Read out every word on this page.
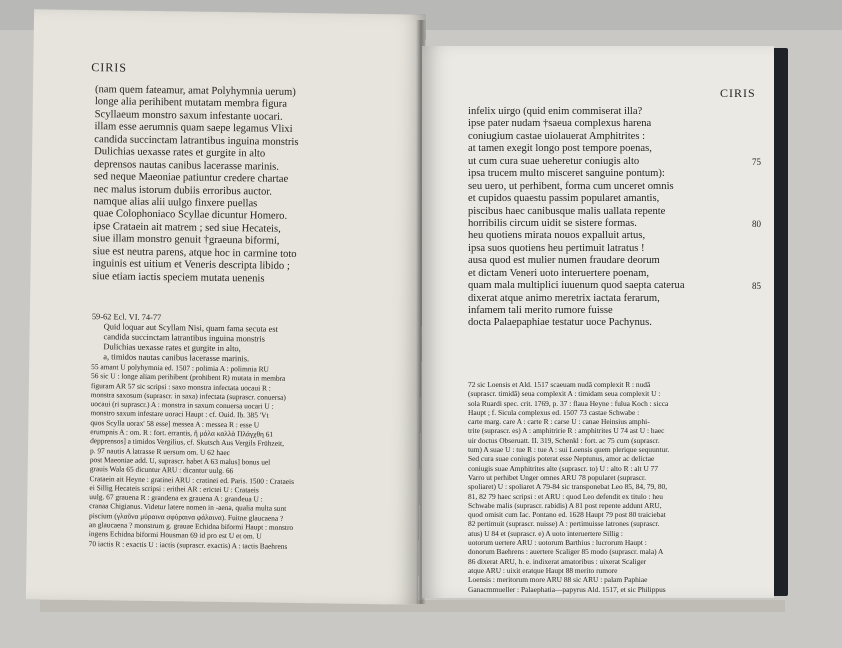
CIRIS
(nam quem fateamur, amat Polyhymnia uerum)
longe alia perihibent mutatam membra figura
Scyllaeum monstro saxum infestante uocari.
illam esse aerumnis quam saepe legamus Vlixi
candida succinctam latrantibus inguina monstris
Dulichias uexasse rates et gurgite in alto
deprensos nautas canibus lacerasse marinis.
sed neque Maeoniae patiuntur credere chartae
nec malus istorum dubiis erroribus auctor.
namque alias alii uulgo finxere puellas
quae Colophoniaco Scyllae dicuntur Homero.
ipse Crataein ait matrem ; sed siue Hecateis,
siue illam monstro genuit †graeuna biformi,
siue est neutra parens, atque hoc in carmine toto
inguinis est uitium et Veneris descripta libido ;
siue etiam iactis speciem mutata uenenis
59-62 Ecl. VI. 74-77
Quid loquar aut Scyllam Nisi, quam fama secuta est
candida succinctam latrantibus inguina monstris
Dulichias uexasse rates et gurgite in alto,
a, timidos nautas canibus lacerasse marinis.
55 amant U polyhymnia ed. 1507 : polimia A : polimnia RU
56 sic U : longe aliam perihibent (prohibent R) mutata in membra
figuram AR 57 sic scripsi : saxo monstra infectata uocaui R :
monstra saxosum (suprascr. in saxa) infectata (suprascr. conuersa)
uocaui (ri suprascr.) A : monstra in saxum conuersa uocari U :
monstro saxum infestare uoraci Haupt : cf. Ouid. Ib. 385 'Vt
quos Scylla uorax' 58 esse] messea A : messea R : esse U
erumpnis A : om. R : fort. errantis, ἢ μάλα καλλὰ Πλάγχθη 61
depprensos] a timidos Vergilius, cf. Skutsch Aus Vergils Frühzeit,
p. 97 nautis A latrasse R uersum om. U 62 haec
post Maeoniae add. U, suprascr. habet A 63 malus] bonus uel
grauis Wala 65 dicuntur ARU : dicantur uulg. 66
Crataein ait Heyne : gratinei ARU : cratinei ed. Paris. 1500 : Crataeis
ei Sillig Hecateis scripsi : erithei AR : erictei U : Crataeis
uulg. 67 grauena R : grandena ex grauena A : grandeua U :
cranaa Chigianus. Videtur latere nomen in -aena, qualia multa sunt
piscium (γλαῦνα μύραινα σφύραινα φάλαινα). Fuitne glaucaena ?
an glaucaena ? monstrum g. grauae Echidna biformi Haupt : monstro
ingens Echidna biformi Housman 69 id pro est U et om. U
70 iactis R : exactis U : iactis (suprascr. exactis) A : tactis Baehrens
CIRIS
infelix uirgo (quid enim commiserat illa?
ipse pater nudam †saeua complexus harena
coniugium castae uiolauerat Amphitrites :
at tamen exegit longo post tempore poenas,
ut cum cura suae ueheretur coniugis alto	75
ipsa trucem multo misceret sanguine pontum):
seu uero, ut perhibent, forma cum unceret omnis
et cupidos quaestu passim popularet amantis,
piscibus haec canibusque malis uallata repente
horribilis circum uidit se sistere formas.	80
heu quotiens mirata nouos expalluit artus,
ipsa suos quotiens heu pertimuit latratus !
ausa quod est mulier numen fraudare deorum
et dictam Veneri uoto interuertere poenam,
quam mala multiplici iuuenum quod saepta caterua	85
dixerat atque animo meretrix iactata ferarum,
infamem tali merito rumore fuisse
docta Palaepaphiae testatur uoce Pachynus.
72 sic Loensis et Ald. 1517 scaeuam nudā complexit R : nudā
(suprascr. timidā) seua complexit A : timidam seua complexit U :
sola Ruardi spec. crit. 1769, p. 37 : flaua Heyne : fulua Koch : sicca
Haupt ; f. Sicula complexus ed. 1507 73 castae Schwabe :
carte marg. care A : carte R : carse U : canae Heinsius amphi-
trite (suprascr. es) A : amphitririe R : amphitrites U 74 ast U : haec
uir doctus Obseruatt. II. 319, Schenkl : fort. ac 75 cum (suprascr.
tum) A suae U : tue R : tue A : sui Loensis quem plerique sequuntur.
Sed cura suae coniugis poterat esse Neptunus, amor ac delictae
coniugis suae Amphitrites alte (suprascr. to) U : alto R : alt U 77
Varro ut perhibet Unger omnes ARU 78 popularet (suprascr.
spoliaret) U : spoliaret A 79-84 sic transponebat Leo 85, 84, 79, 80,
81, 82 79 haec scripsi : et ARU : quod Leo defendit ex titulo : heu
Schwabe malis (suprascr. rabidis) A 81 post repente addunt ARU,
quod omisit cum Iac. Pontano ed. 1628 Haupt 79 post 80 traiciebat
82 pertimuit (suprascr. nuisse) A : pertimuisse latrones (suprascr.
atus) U 84 et (suprascr. e) A uoto interuertere Sillig :
uotorum uertere ARU : uotorum Barthius : lucrorum Haupt :
donorum Baehrens : auertere Scaliger 85 modo (suprascr. mala) A
86 dixerat ARU, h. e. indixerat amatoribus : uixerat Scaliger
atque ARU : uixit eratque Haupt 88 merito rumore
Loensis : meritorum more ARU 88 sic ARU : palam Paphiae
Ganacmmueller : Palaephatia—papyrus Ald. 1517, et sic Philippus
